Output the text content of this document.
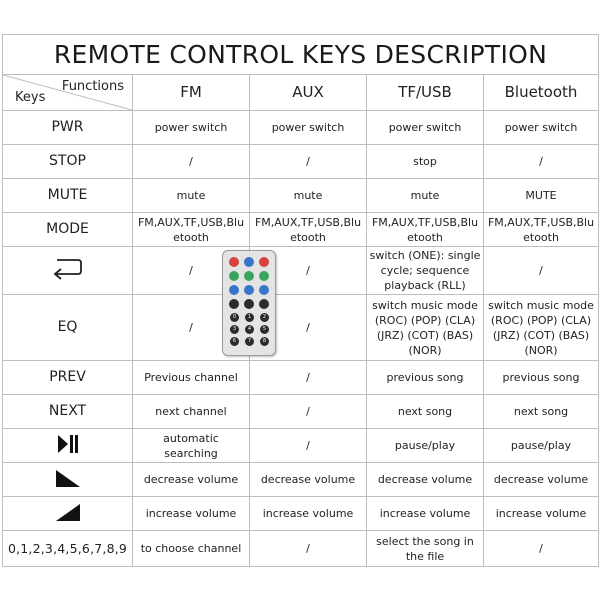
REMOTE CONTROL KEYS DESCRIPTION				

Keys
Functions	FM	AUX	TF/USB	Bluetooth
PWR	power switch	power switch	power switch	power switch
STOP	/	/	stop	/
MUTE	mute	mute	mute	MUTE
MODE	FM,AUX,TF,USB,Bluetooth	FM,AUX,TF,USB,Bluetooth	FM,AUX,TF,USB,Bluetooth	FM,AUX,TF,USB,Bluetooth
	/	/	switch (ONE): single cycle; sequence playback (RLL)	/
EQ	/	/	switch music mode (ROC) (POP) (CLA) (JRZ) (COT) (BAS) (NOR)	switch music mode (ROC) (POP) (CLA) (JRZ) (COT) (BAS) (NOR)
PREV	Previous channel	/	previous song	previous song
NEXT	next channel	/	next song	next song
	automatic searching	/	pause/play	pause/play
	decrease volume	decrease volume	decrease volume	decrease volume
	increase volume	increase volume	increase volume	increase volume
0,1,2,3,4,5,6,7,8,9	to choose channel	/	select the song in the file	/
0	1	2
3	4	5
6	7	8
